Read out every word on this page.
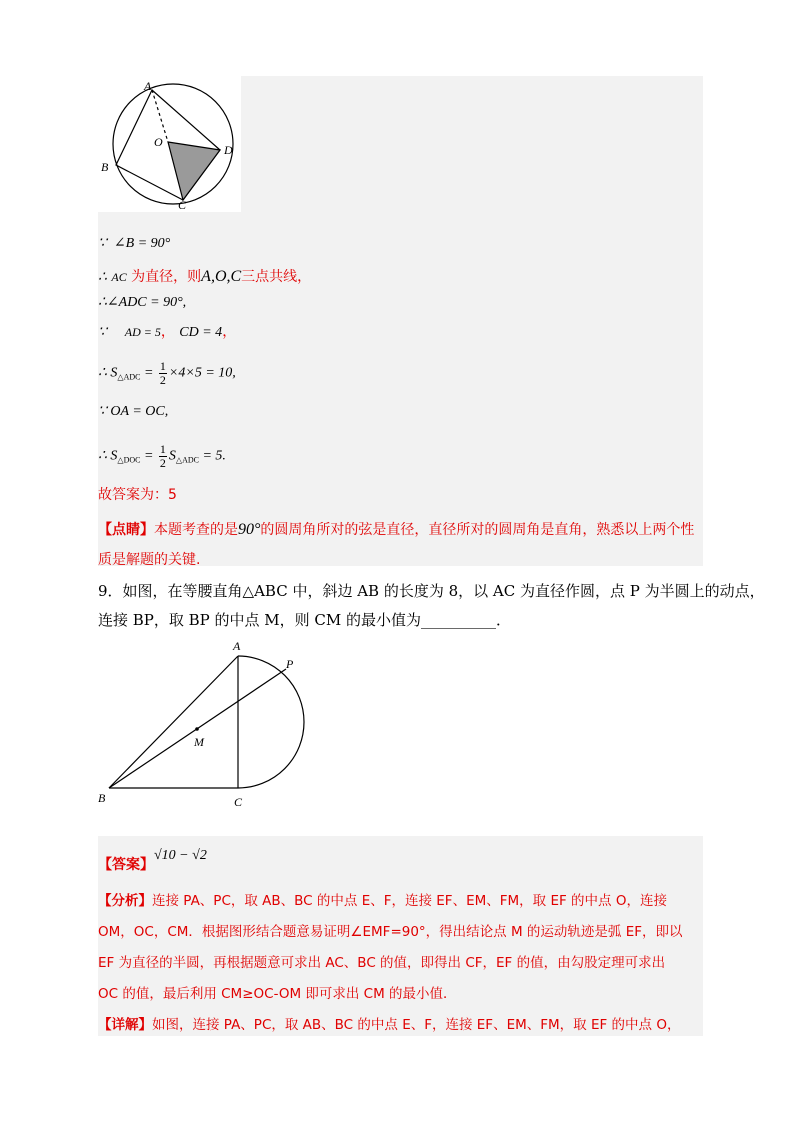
A
B
C
D
O
∵ ∠B = 90°
∴ AC 为直径，则A,O,C三点共线，
∴∠ADC = 90°,
∵ AD = 5， CD = 4，
∴ $S_{\triangle ADC} = \frac{1}{2} \times 4\times 5 = 10$,
∵ OA = OC,
∴ $S_{\triangle DOC} = \frac{1}{2} S_{\triangle ADC} = 5$.
故答案为：5
【点睛】本题考查的是90°的圆周角所对的弦是直径，直径所对的圆周角是直角，熟悉以上两个性
质是解题的关键.
9．如图，在等腰直角△ABC 中，斜边 AB 的长度为 8，以 AC 为直径作圆，点 P 为半圆上的动点，
连接 BP，取 BP 的中点 M，则 CM 的最小值为__________．
A
B	C
M
P
【答案】√10 − √2
【分析】连接 PA、PC，取 AB、BC 的中点 E、F，连接 EF、EM、FM，取 EF 的中点 O，连接
OM，OC，CM．根据图形结合题意易证明∠EMF=90°，得出结论点 M 的运动轨迹是弧 EF，即以
EF 为直径的半圆，再根据题意可求出 AC、BC 的值，即得出 CF，EF 的值，由勾股定理可求出
OC 的值，最后利用 CM≥OC-OM 即可求出 CM 的最小值．
【详解】如图，连接 PA、PC，取 AB、BC 的中点 E、F，连接 EF、EM、FM，取 EF 的中点 O，
